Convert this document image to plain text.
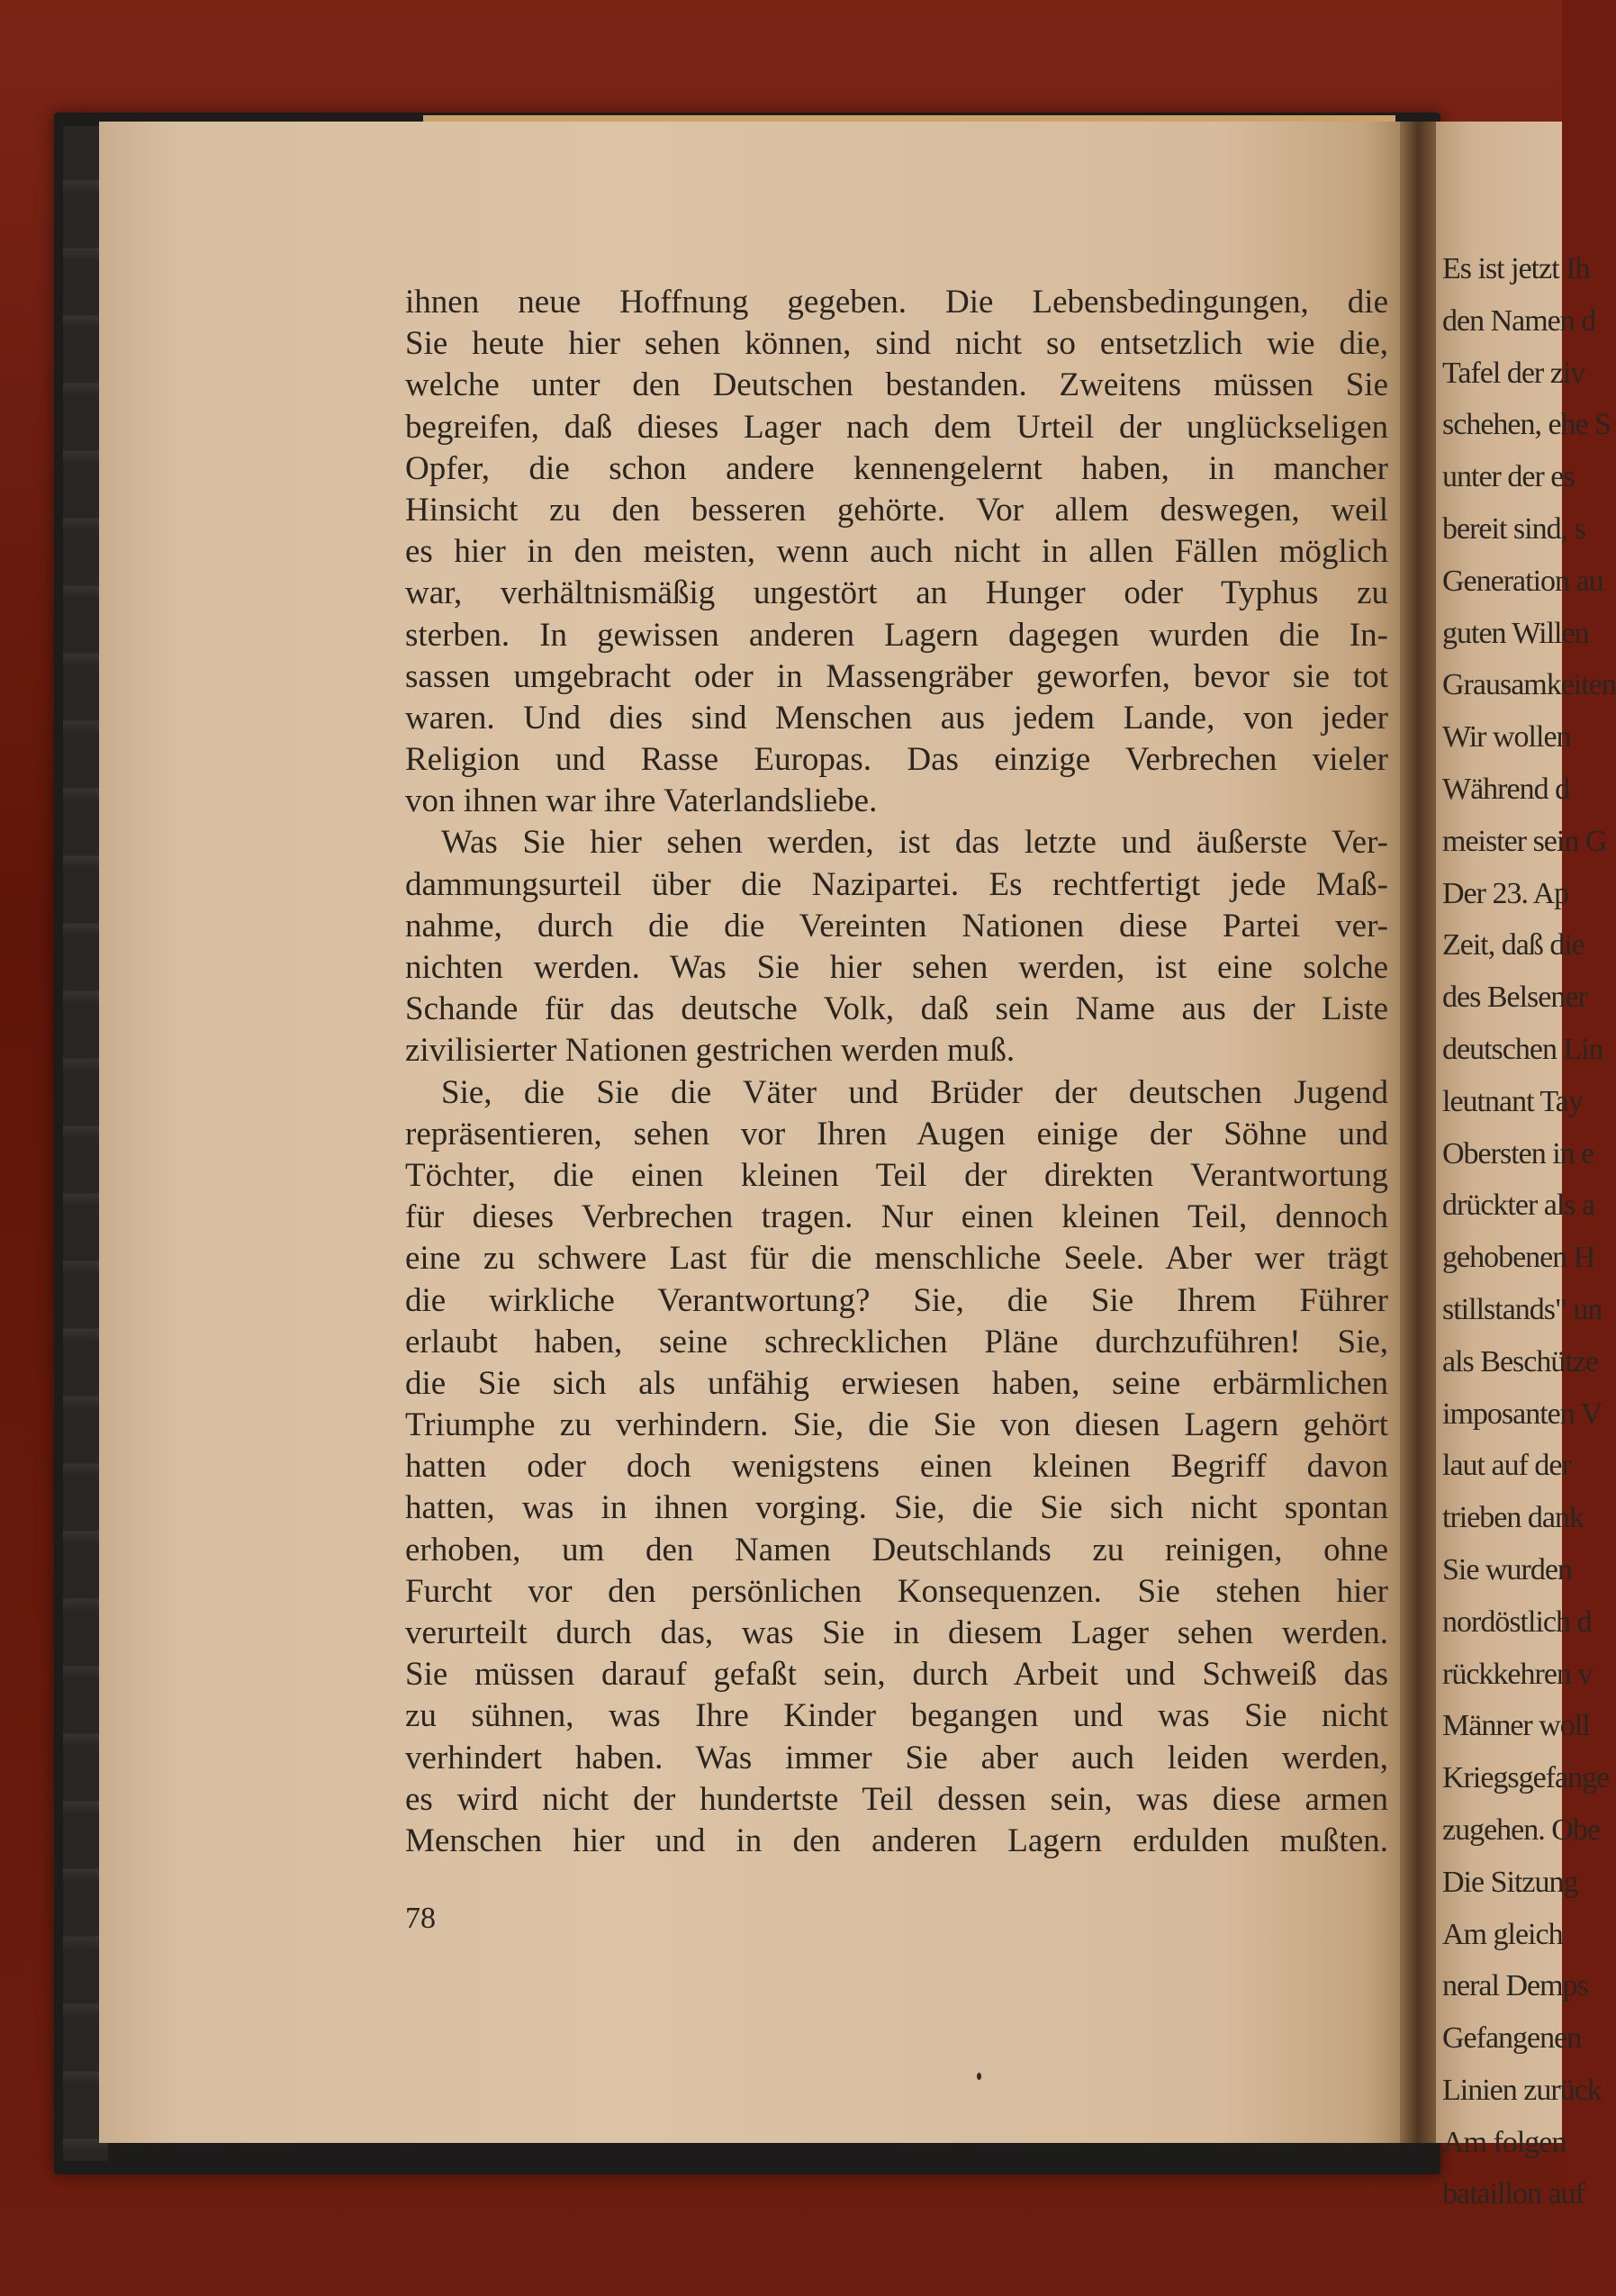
ihnen neue Hoffnung gegeben. Die Lebensbedingungen, die
Sie heute hier sehen können, sind nicht so entsetzlich wie die,
welche unter den Deutschen bestanden. Zweitens müssen Sie
begreifen, daß dieses Lager nach dem Urteil der unglückseligen
Opfer, die schon andere kennengelernt haben, in mancher
Hinsicht zu den besseren gehörte. Vor allem deswegen, weil
es hier in den meisten, wenn auch nicht in allen Fällen möglich
war, verhältnismäßig ungestört an Hunger oder Typhus zu
sterben. In gewissen anderen Lagern dagegen wurden die In-
sassen umgebracht oder in Massengräber geworfen, bevor sie tot
waren. Und dies sind Menschen aus jedem Lande, von jeder
Religion und Rasse Europas. Das einzige Verbrechen vieler
von ihnen war ihre Vaterlandsliebe.
Was Sie hier sehen werden, ist das letzte und äußerste Ver-
dammungsurteil über die Nazipartei. Es rechtfertigt jede Maß-
nahme, durch die die Vereinten Nationen diese Partei ver-
nichten werden. Was Sie hier sehen werden, ist eine solche
Schande für das deutsche Volk, daß sein Name aus der Liste
zivilisierter Nationen gestrichen werden muß.
Sie, die Sie die Väter und Brüder der deutschen Jugend
repräsentieren, sehen vor Ihren Augen einige der Söhne und
Töchter, die einen kleinen Teil der direkten Verantwortung
für dieses Verbrechen tragen. Nur einen kleinen Teil, dennoch
eine zu schwere Last für die menschliche Seele. Aber wer trägt
die wirkliche Verantwortung? Sie, die Sie Ihrem Führer
erlaubt haben, seine schrecklichen Pläne durchzuführen! Sie,
die Sie sich als unfähig erwiesen haben, seine erbärmlichen
Triumphe zu verhindern. Sie, die Sie von diesen Lagern gehört
hatten oder doch wenigstens einen kleinen Begriff davon
hatten, was in ihnen vorging. Sie, die Sie sich nicht spontan
erhoben, um den Namen Deutschlands zu reinigen, ohne
Furcht vor den persönlichen Konsequenzen. Sie stehen hier
verurteilt durch das, was Sie in diesem Lager sehen werden.
Sie müssen darauf gefaßt sein, durch Arbeit und Schweiß das
zu sühnen, was Ihre Kinder begangen und was Sie nicht
verhindert haben. Was immer Sie aber auch leiden werden,
es wird nicht der hundertste Teil dessen sein, was diese armen
Menschen hier und in den anderen Lagern erdulden mußten.
78
Es ist jetzt Ih
den Namen d
Tafel der ziv
schehen, ehe S
unter der es
bereit sind, s
Generation au
guten Willen
Grausamkeiten
Wir wollen
Während d
meister sein G
Der 23. Ap
Zeit, daß die
des Belsener
deutschen Lin
leutnant Tay
Obersten in e
drückter als a
gehobenen H
stillstands" un
als Beschütze
imposanten V
laut auf der
trieben dank
Sie wurden
nordöstlich d
rückkehren v
Männer woll
Kriegsgefange
zugehen. Obe
Die Sitzung
Am gleich
neral Demps
Gefangenen
Linien zurück
Am folgen
bataillon auf
